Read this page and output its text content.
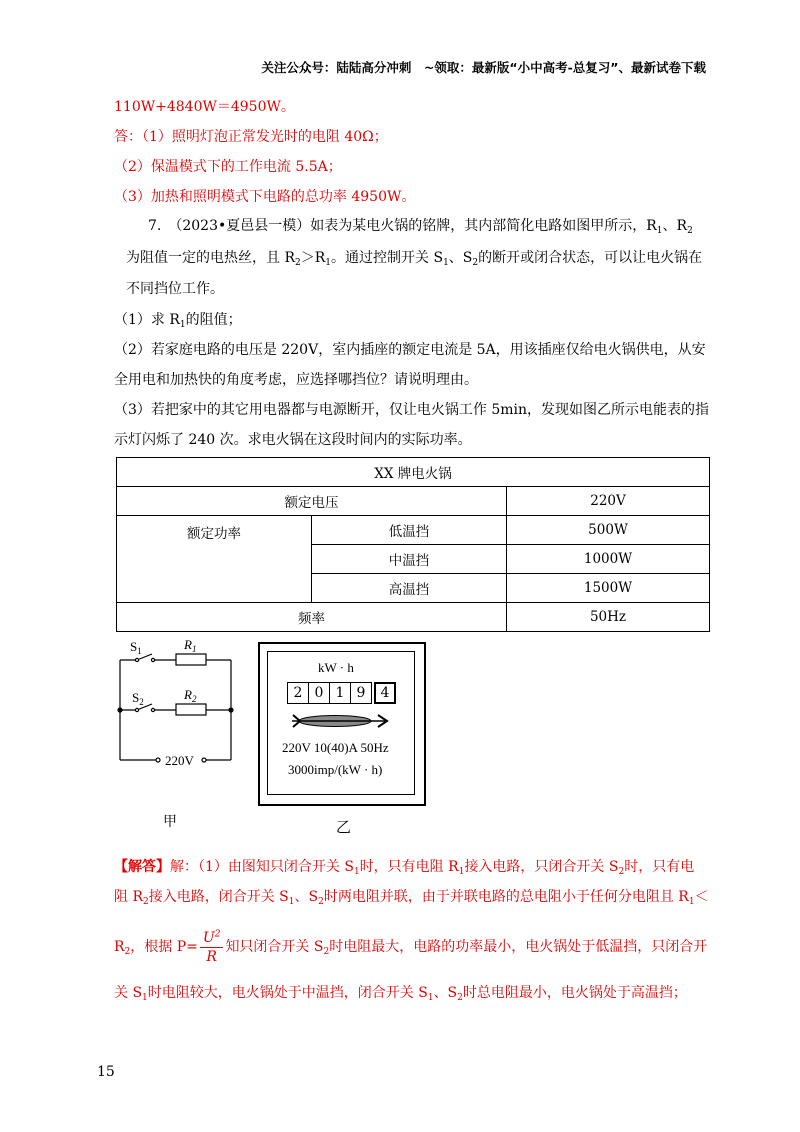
关注公众号：陆陆高分冲刺　~领取：最新版“小中高考-总复习”、最新试卷下载
110W+4840W＝4950W。
答：（1）照明灯泡正常发光时的电阻 40Ω；
（2）保温模式下的工作电流 5.5A；
（3）加热和照明模式下电路的总功率 4950W。
7.　 （2023•夏邑县一模）如表为某电火锅的铭牌，其内部简化电路如图甲所示，$R_1$、$R_2$
为阻值一定的电热丝，且 $R_2>R_1$。通过控制开关 $S_1$、$S_2$的断开或闭合状态，可以让电火锅在
不同挡位工作。
（1）求 $R_1$的阻值；
（2）若家庭电路的电压是 220V，室内插座的额定电流是 5A，用该插座仅给电火锅供电，从安
全用电和加热快的角度考虑，应选择哪挡位？请说明理由。
（3）若把家中的其它用电器都与电源断开，仅让电火锅工作 5min，发现如图乙所示电能表的指
示灯闪烁了 240 次。求电火锅在这段时间内的实际功率。
XX 牌电火锅		
额定电压		220V
额定功率	低温挡	500W
	中温挡	1000W
	高温挡	1500W
频率		50Hz
$S_1$	$R_1$
$S_2$	$R_2$
220V
甲
kW · h
2 0 1 9	4
220V 10(40)A 50Hz
3000imp/(kW · h)
乙
【解答】解：（1）由图知只闭合开关 $S_1$时，只有电阻 $R_1$接入电路，只闭合开关 $S_2$时，只有电
阻 $R_2$接入电路，闭合开关 $S_1$、$S_2$时两电阻并联，由于并联电路的总电阻小于任何分电阻且 $R_1<$
$R_2$，根据 $P= \frac{U^2}{R}$ 知只闭合开关 $S_2$时电阻最大，电路的功率最小，电火锅处于低温挡，只闭合开
关 $S_1$时电阻较大，电火锅处于中温挡，闭合开关 $S_1$、$S_2$时总电阻最小，电火锅处于高温挡；
15
